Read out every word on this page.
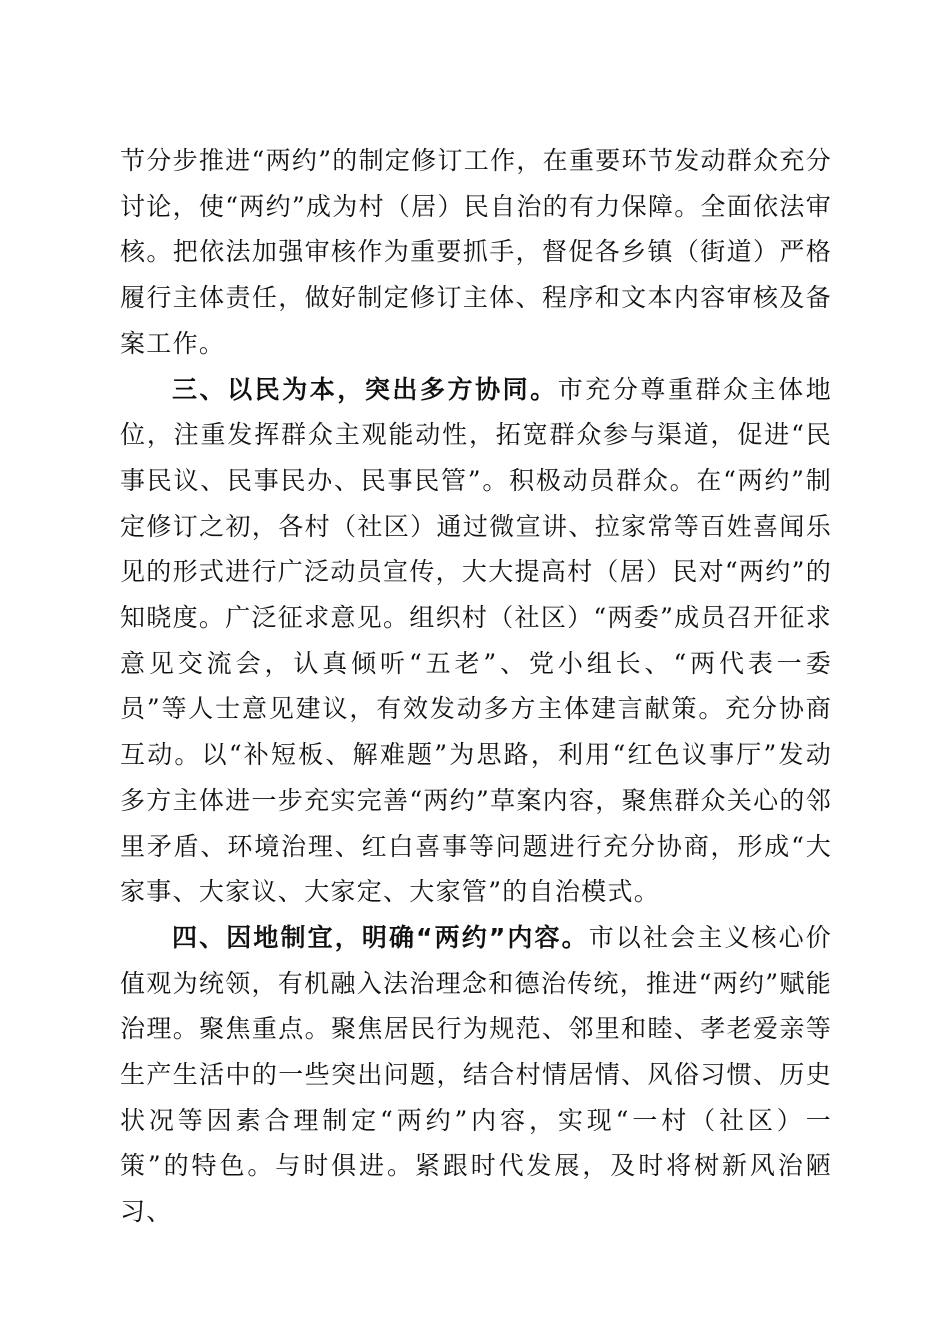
节分步推进“两约”的制定修订工作，在重要环节发动群众充分讨论，使“两约”成为村（居）民自治的有力保障。全面依法审核。把依法加强审核作为重要抓手，督促各乡镇（街道）严格履行主体责任，做好制定修订主体、程序和文本内容审核及备案工作。

三、以民为本，突出多方协同。市充分尊重群众主体地位，注重发挥群众主观能动性，拓宽群众参与渠道，促进“民事民议、民事民办、民事民管”。积极动员群众。在“两约”制定修订之初，各村（社区）通过微宣讲、拉家常等百姓喜闻乐见的形式进行广泛动员宣传，大大提高村（居）民对“两约”的知晓度。广泛征求意见。组织村（社区）“两委”成员召开征求意见交流会，认真倾听“五老”、党小组长、“两代表一委员”等人士意见建议，有效发动多方主体建言献策。充分协商互动。以“补短板、解难题”为思路，利用“红色议事厅”发动多方主体进一步充实完善“两约”草案内容，聚焦群众关心的邻里矛盾、环境治理、红白喜事等问题进行充分协商，形成“大家事、大家议、大家定、大家管”的自治模式。

四、因地制宜，明确“两约”内容。市以社会主义核心价值观为统领，有机融入法治理念和德治传统，推进“两约”赋能治理。聚焦重点。聚焦居民行为规范、邻里和睦、孝老爱亲等生产生活中的一些突出问题，结合村情居情、风俗习惯、历史状况等因素合理制定“两约”内容，实现“一村（社区）一策”的特色。与时俱进。紧跟时代发展，及时将树新风治陋习、
